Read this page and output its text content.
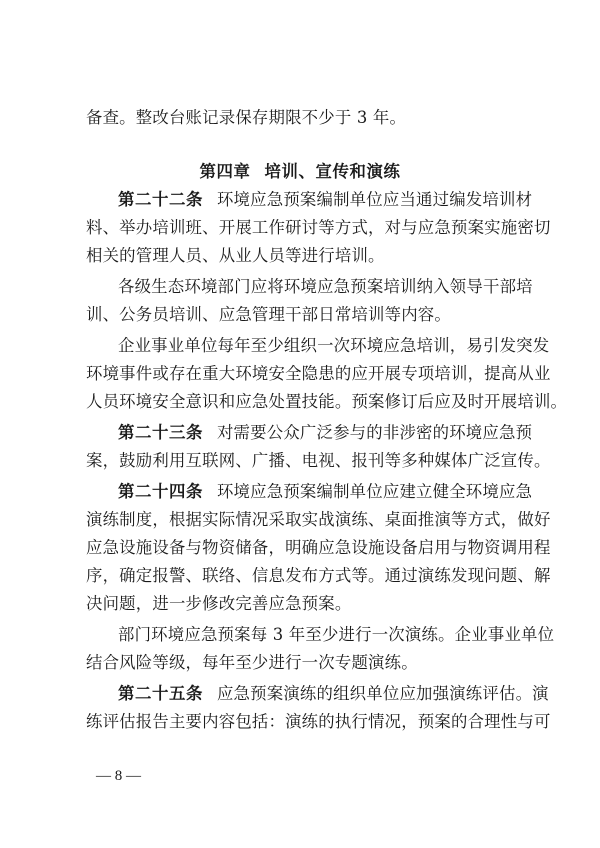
备查。整改台账记录保存期限不少于 3 年。
第四章 培训、宣传和演练
第二十二条 环境应急预案编制单位应当通过编发培训材
料、举办培训班、开展工作研讨等方式，对与应急预案实施密切
相关的管理人员、从业人员等进行培训。
各级生态环境部门应将环境应急预案培训纳入领导干部培
训、公务员培训、应急管理干部日常培训等内容。
企业事业单位每年至少组织一次环境应急培训，易引发突发
环境事件或存在重大环境安全隐患的应开展专项培训，提高从业
人员环境安全意识和应急处置技能。预案修订后应及时开展培训。
第二十三条 对需要公众广泛参与的非涉密的环境应急预
案，鼓励利用互联网、广播、电视、报刊等多种媒体广泛宣传。
第二十四条 环境应急预案编制单位应建立健全环境应急
演练制度，根据实际情况采取实战演练、桌面推演等方式，做好
应急设施设备与物资储备，明确应急设施设备启用与物资调用程
序，确定报警、联络、信息发布方式等。通过演练发现问题、解
决问题，进一步修改完善应急预案。
部门环境应急预案每 3 年至少进行一次演练。企业事业单位
结合风险等级，每年至少进行一次专题演练。
第二十五条 应急预案演练的组织单位应加强演练评估。演
练评估报告主要内容包括：演练的执行情况，预案的合理性与可
— 8 —
